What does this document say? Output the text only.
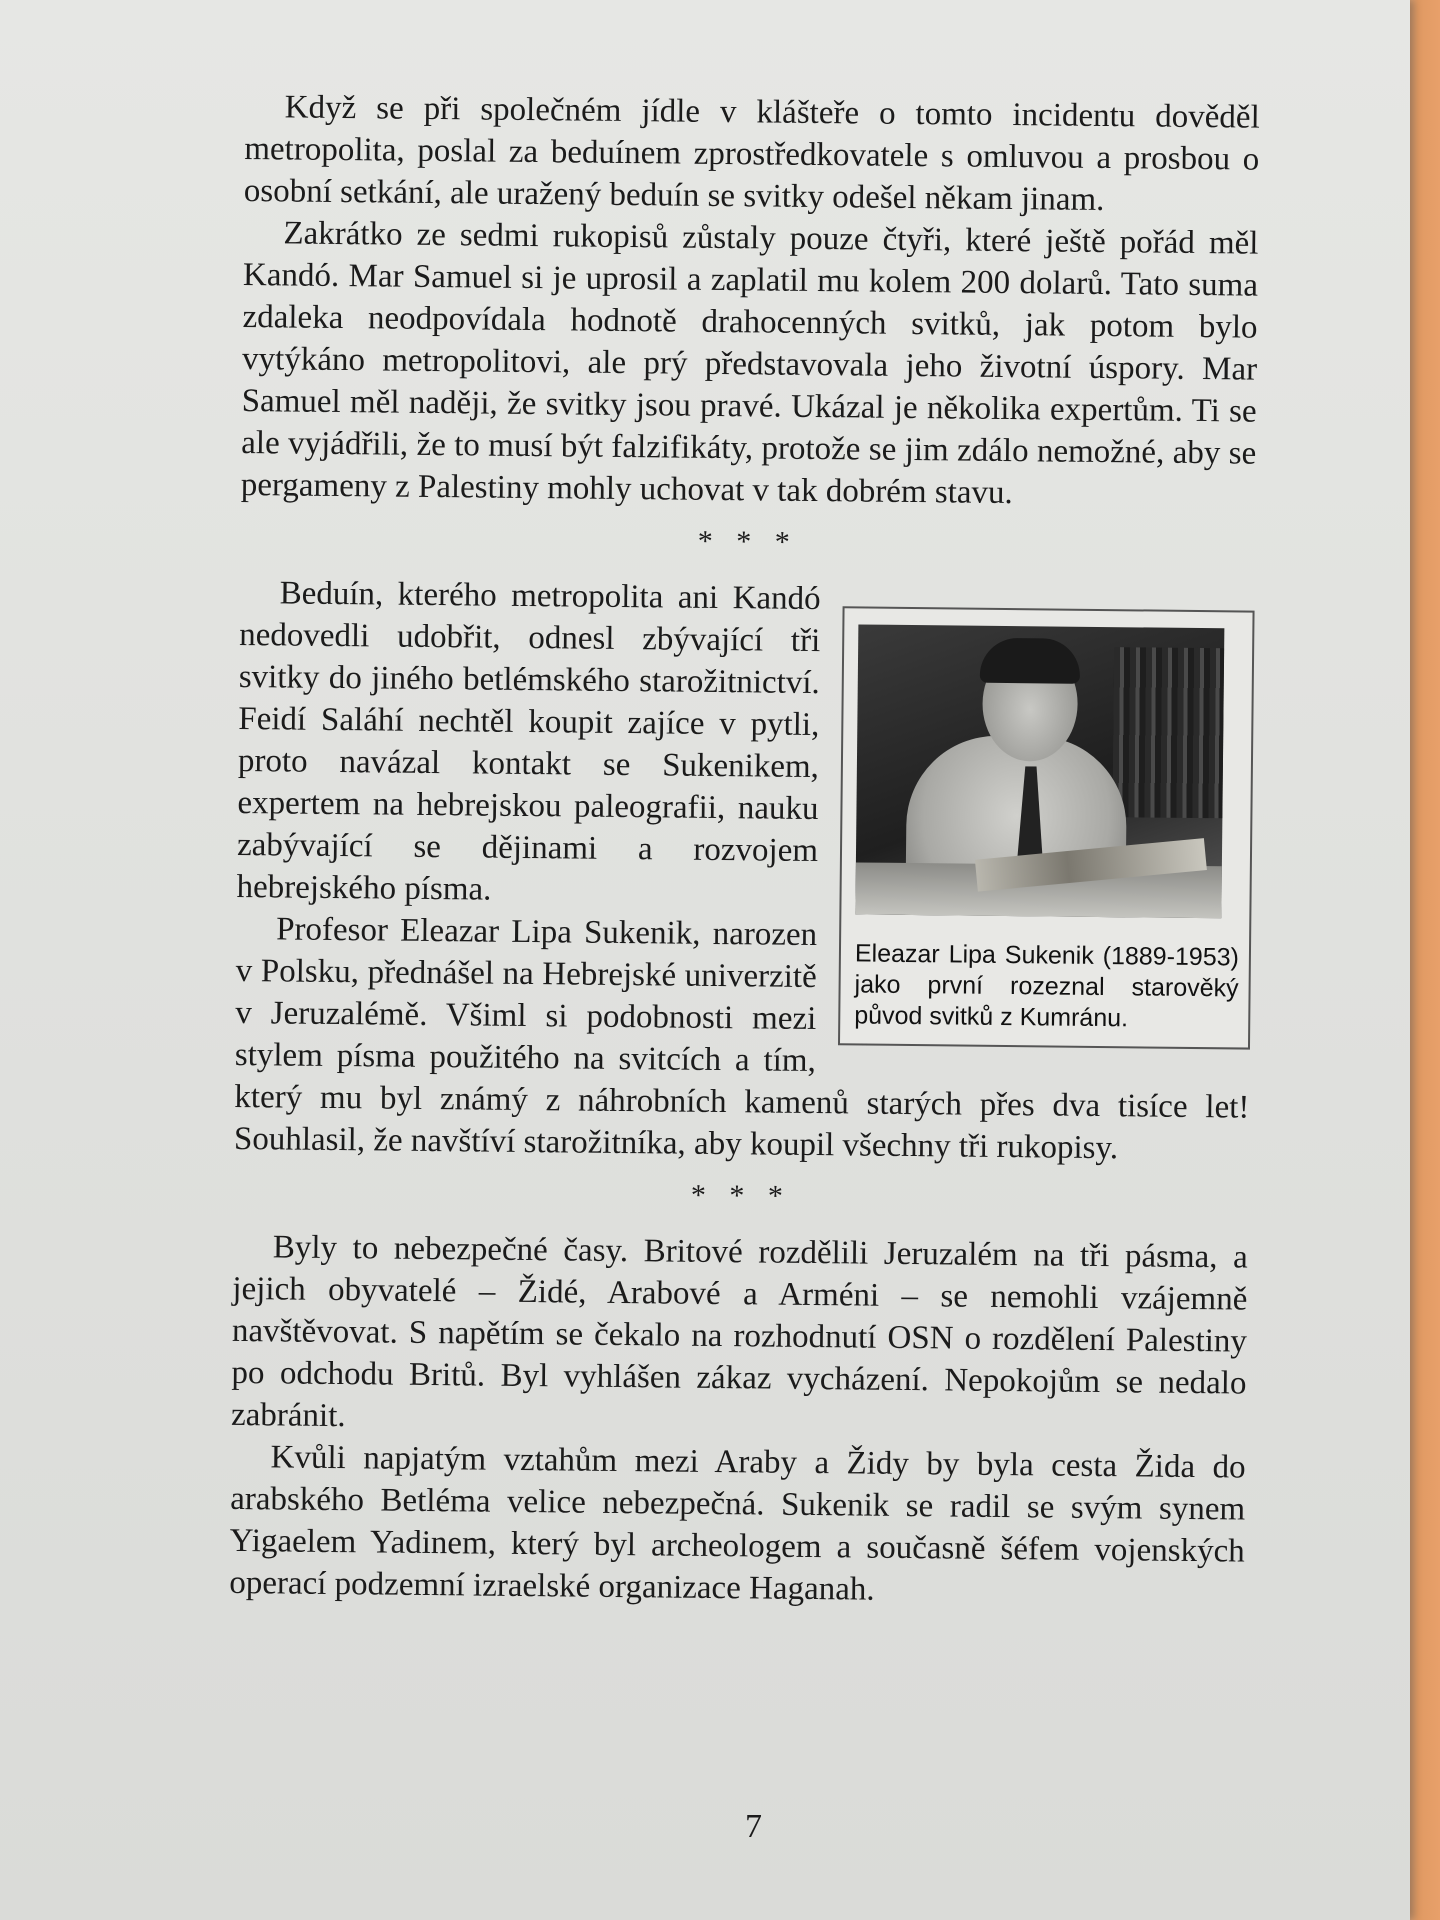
Když se při společném jídle v klášteře o tomto incidentu dověděl metropolita, poslal za beduínem zprostředkovatele s omluvou a prosbou o osobní setkání, ale uražený beduín se svitky odešel někam jinam.

Zakrátko ze sedmi rukopisů zůstaly pouze čtyři, které ještě pořád měl Kandó. Mar Samuel si je uprosil a zaplatil mu kolem 200 dolarů. Tato suma zdaleka neodpovídala hodnotě drahocenných svitků, jak potom bylo vytýkáno metropolitovi, ale prý představovala jeho životní úspory. Mar Samuel měl naději, že svitky jsou pravé. Ukázal je několika expertům. Ti se ale vyjádřili, že to musí být falzifikáty, protože se jim zdálo nemožné, aby se pergameny z Palestiny mohly uchovat v tak dobrém stavu.

* * *
Eleazar Lipa Sukenik (1889-1953) jako první rozeznal starověký původ svitků z Kumránu.

Beduín, kterého metropolita ani Kandó nedovedli udobřit, odnesl zbývající tři svitky do jiného betlémského starožitnictví. Feidí Saláhí nechtěl koupit zajíce v pytli, proto navázal kontakt se Sukenikem, expertem na hebrejskou paleografii, nauku zabývající se dějinami a rozvojem hebrejského písma.

Profesor Eleazar Lipa Sukenik, narozen v Polsku, přednášel na Hebrejské univerzitě v Jeruzalémě. Všiml si podobnosti mezi stylem písma použitého na svitcích a tím, který mu byl známý z náhrobních kamenů starých přes dva tisíce let! Souhlasil, že navštíví starožitníka, aby koupil všechny tři rukopisy.

* * *

Byly to nebezpečné časy. Britové rozdělili Jeruzalém na tři pásma, a jejich obyvatelé – Židé, Arabové a Arméni – se nemohli vzájemně navštěvovat. S napětím se čekalo na rozhodnutí OSN o rozdělení Palestiny po odchodu Britů. Byl vyhlášen zákaz vycházení. Nepokojům se nedalo zabránit.

Kvůli napjatým vztahům mezi Araby a Židy by byla cesta Žida do arabského Betléma velice nebezpečná. Sukenik se radil se svým synem Yigaelem Yadinem, který byl archeologem a současně šéfem vojenských operací podzemní izraelské organizace Haganah.

7
